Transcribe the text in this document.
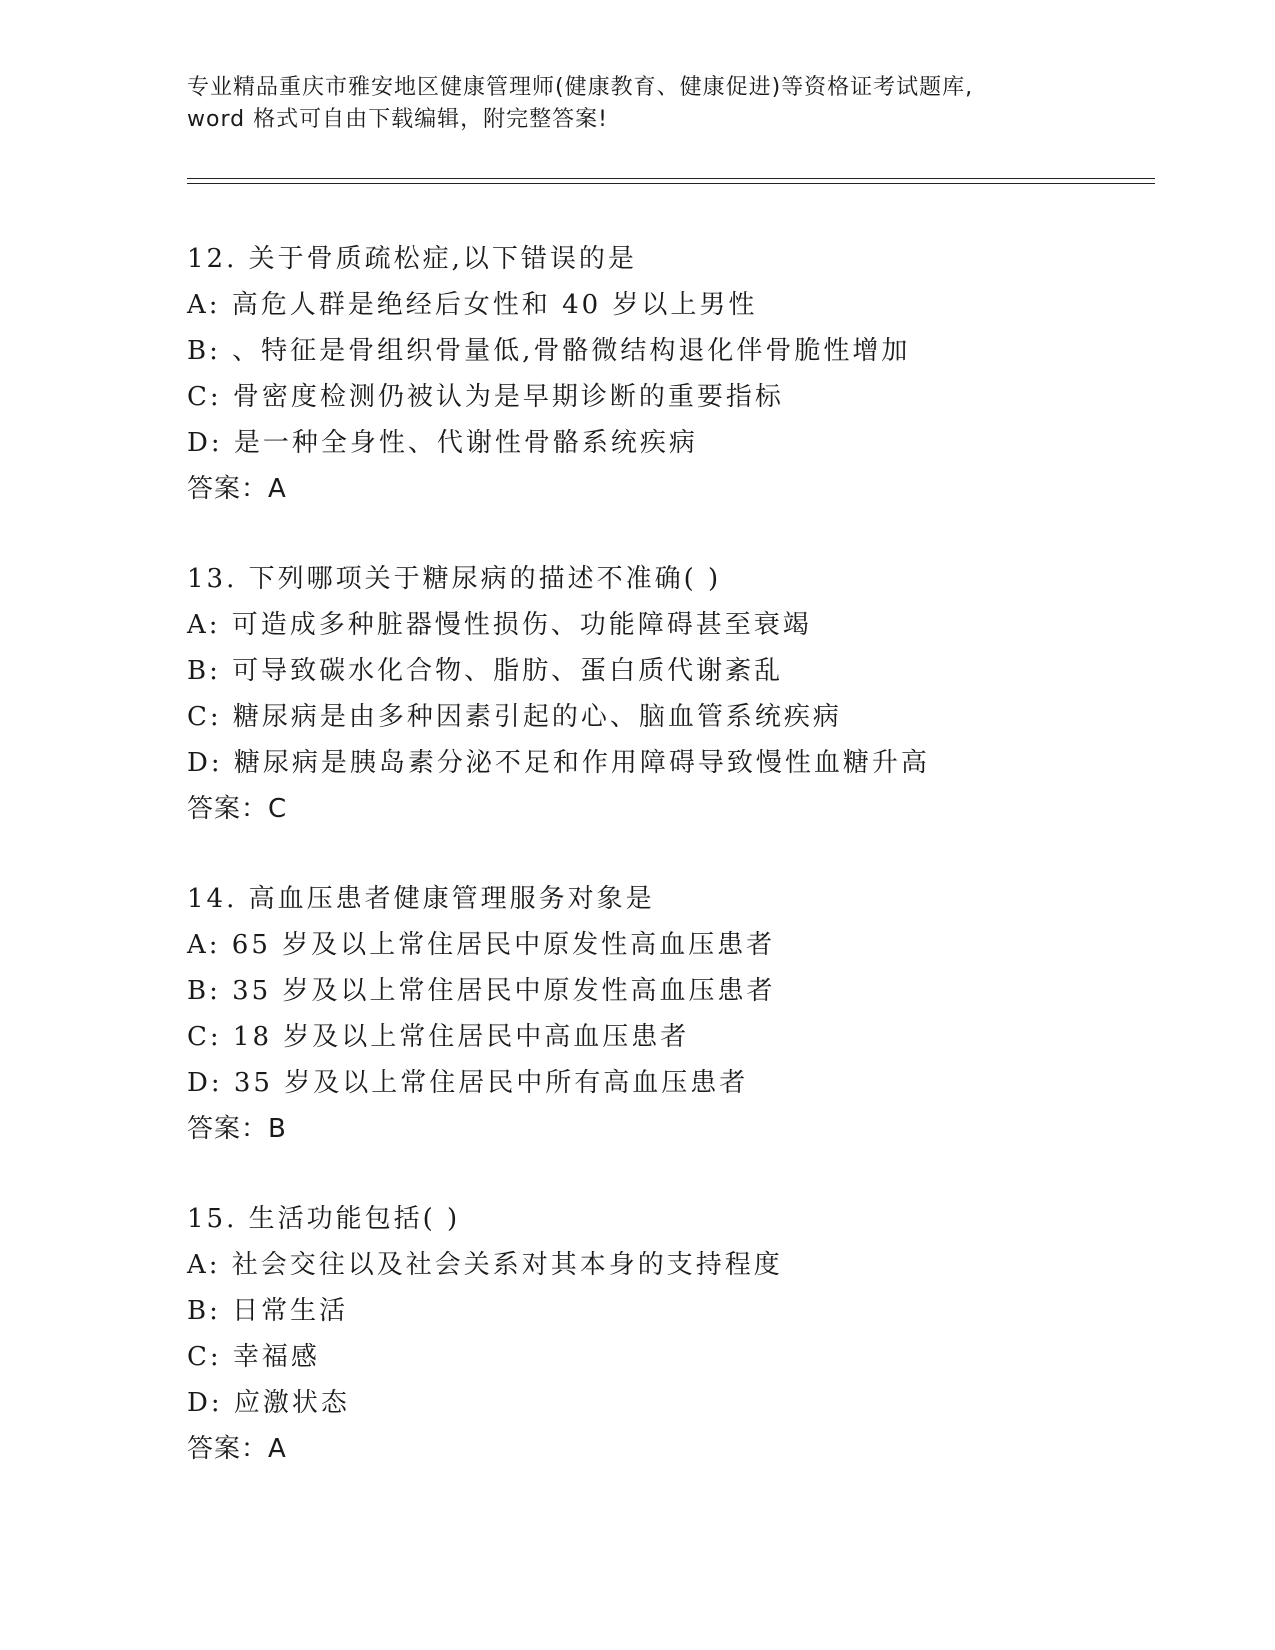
专业精品重庆市雅安地区健康管理师(健康教育、健康促进)等资格证考试题库,
word 格式可自由下载编辑，附完整答案!
12. 关于骨质疏松症,以下错误的是
A: 高危人群是绝经后女性和 40 岁以上男性
B: 、特征是骨组织骨量低,骨骼微结构退化伴骨脆性增加
C: 骨密度检测仍被认为是早期诊断的重要指标
D: 是一种全身性、代谢性骨骼系统疾病
答案：A
13. 下列哪项关于糖尿病的描述不准确( )
A: 可造成多种脏器慢性损伤、功能障碍甚至衰竭
B: 可导致碳水化合物、脂肪、蛋白质代谢紊乱
C: 糖尿病是由多种因素引起的心、脑血管系统疾病
D: 糖尿病是胰岛素分泌不足和作用障碍导致慢性血糖升高
答案：C
14. 高血压患者健康管理服务对象是
A: 65 岁及以上常住居民中原发性高血压患者
B: 35 岁及以上常住居民中原发性高血压患者
C: 18 岁及以上常住居民中高血压患者
D: 35 岁及以上常住居民中所有高血压患者
答案：B
15. 生活功能包括( )
A: 社会交往以及社会关系对其本身的支持程度
B: 日常生活
C: 幸福感
D: 应激状态
答案：A
